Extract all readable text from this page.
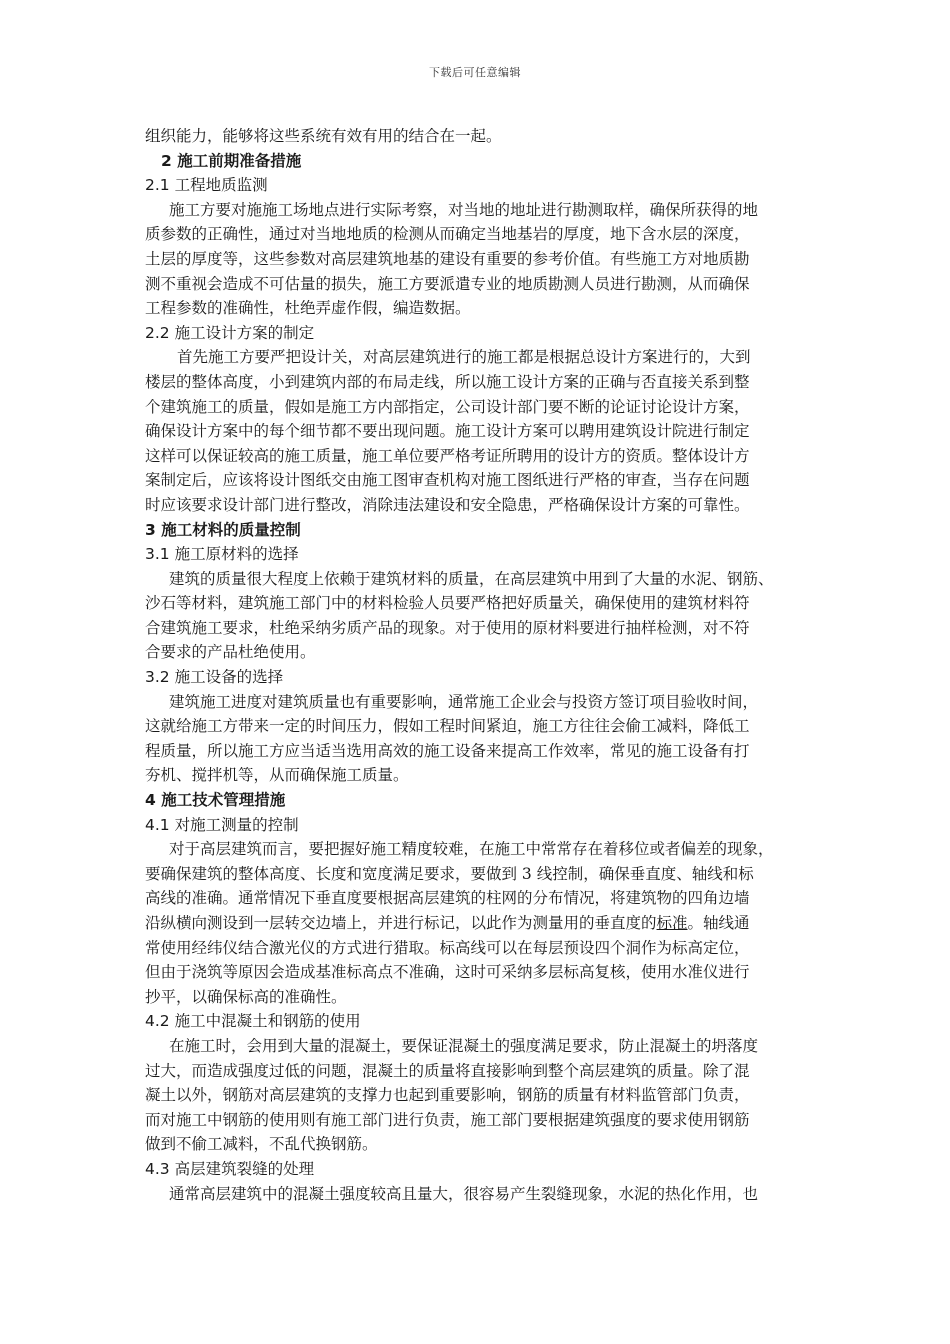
下载后可任意编辑
组织能力，能够将这些系统有效有用的结合在一起。
2 施工前期准备措施
2.1 工程地质监测
施工方要对施施工场地点进行实际考察，对当地的地址进行勘测取样，确保所获得的地
质参数的正确性，通过对当地地质的检测从而确定当地基岩的厚度，地下含水层的深度，
土层的厚度等，这些参数对高层建筑地基的建设有重要的参考价值。有些施工方对地质勘
测不重视会造成不可估量的损失，施工方要派遣专业的地质勘测人员进行勘测，从而确保
工程参数的准确性，杜绝弄虚作假，编造数据。
2.2 施工设计方案的制定
首先施工方要严把设计关，对高层建筑进行的施工都是根据总设计方案进行的，大到
楼层的整体高度，小到建筑内部的布局走线，所以施工设计方案的正确与否直接关系到整
个建筑施工的质量，假如是施工方内部指定，公司设计部门要不断的论证讨论设计方案，
确保设计方案中的每个细节都不要出现问题。施工设计方案可以聘用建筑设计院进行制定
这样可以保证较高的施工质量，施工单位要严格考证所聘用的设计方的资质。整体设计方
案制定后，应该将设计图纸交由施工图审查机构对施工图纸进行严格的审查，当存在问题
时应该要求设计部门进行整改，消除违法建设和安全隐患，严格确保设计方案的可靠性。
3 施工材料的质量控制
3.1 施工原材料的选择
建筑的质量很大程度上依赖于建筑材料的质量，在高层建筑中用到了大量的水泥、钢筋、
沙石等材料，建筑施工部门中的材料检验人员要严格把好质量关，确保使用的建筑材料符
合建筑施工要求，杜绝采纳劣质产品的现象。对于使用的原材料要进行抽样检测，对不符
合要求的产品杜绝使用。
3.2 施工设备的选择
建筑施工进度对建筑质量也有重要影响，通常施工企业会与投资方签订项目验收时间，
这就给施工方带来一定的时间压力，假如工程时间紧迫，施工方往往会偷工减料，降低工
程质量，所以施工方应当适当选用高效的施工设备来提高工作效率，常见的施工设备有打
夯机、搅拌机等，从而确保施工质量。
4 施工技术管理措施
4.1 对施工测量的控制
对于高层建筑而言，要把握好施工精度较难，在施工中常常存在着移位或者偏差的现象，
要确保建筑的整体高度、长度和宽度满足要求，要做到 3 线控制，确保垂直度、轴线和标
高线的准确。通常情况下垂直度要根据高层建筑的柱网的分布情况，将建筑物的四角边墙
沿纵横向测设到一层转交边墙上，并进行标记，以此作为测量用的垂直度的标准。轴线通
常使用经纬仪结合激光仪的方式进行猎取。标高线可以在每层预设四个洞作为标高定位，
但由于浇筑等原因会造成基准标高点不准确，这时可采纳多层标高复核，使用水准仪进行
抄平，以确保标高的准确性。
4.2 施工中混凝土和钢筋的使用
在施工时，会用到大量的混凝土，要保证混凝土的强度满足要求，防止混凝土的坍落度
过大，而造成强度过低的问题，混凝土的质量将直接影响到整个高层建筑的质量。除了混
凝土以外，钢筋对高层建筑的支撑力也起到重要影响，钢筋的质量有材料监管部门负责，
而对施工中钢筋的使用则有施工部门进行负责，施工部门要根据建筑强度的要求使用钢筋
做到不偷工减料，不乱代换钢筋。
4.3 高层建筑裂缝的处理
通常高层建筑中的混凝土强度较高且量大，很容易产生裂缝现象，水泥的热化作用，也
